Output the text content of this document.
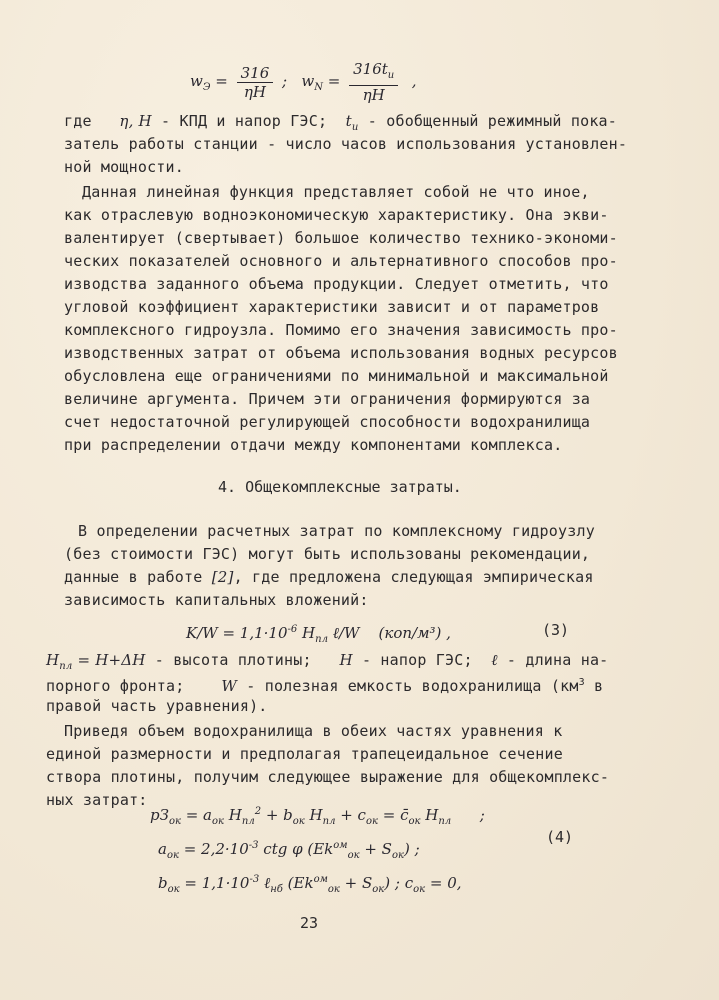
$w_Э = \frac{316}{\eta H}$ ; $w_N = \frac{316t_u}{\eta H}$ ,
где η, H - КПД и напор ГЭС; $t_u$ - обобщенный режимный пока-
затель работы станции - число часов использования установлен-
ной мощности.
Данная линейная функция представляет собой не что иное,
как отраслевую водноэкономическую характеристику. Она экви-
валентирует (свертывает) большое количество технико-экономи-
ческих показателей основного и альтернативного способов про-
изводства заданного объема продукции. Следует отметить, что
угловой коэффициент характеристики зависит и от параметров
комплексного гидроузла. Помимо его значения зависимость про-
изводственных затрат от объема использования водных ресурсов
обусловлена еще ограничениями по минимальной и максимальной
величине аргумента. Причем эти ограничения формируются за
счет недостаточной регулирующей способности водохранилища
при распределении отдачи между компонентами комплекса.
4. Общекомплексные затраты.
В определении расчетных затрат по комплексному гидроузлу
(без стоимости ГЭС) могут быть использованы рекомендации,
данные в работе [2], где предложена следующая эмпирическая
зависимость капитальных вложений:
$K/W = 1,1\cdot 10^{-6}$ $H_{пл}$ ℓ/W (коп/м³) ,	(3)
$H_{пл} = H+\Delta H$ - высота плотины; H - напор ГЭС; ℓ - длина на-
порного фронта; W - полезная емкость водохранилища ($км^3$ в
правой часть уравнения).
Приведя объем водохранилища в обеих частях уравнения к
единой размерности и предполагая трапецеидальное сечение
створа плотины, получим следующее выражение для общекомплекс-
ных затрат:
$pЗ_{ок} = a_{ок}$ $H_{пл}^2 + b_{ок}$ $H_{пл} + c_{ок}$ = $c̄_{ок}$ $H_{пл}$      ;
$a_{ок} = 2,2\cdot 10^{-3}$ ctg φ $(Ek^{ом}_{ок} + S_{ок})$ ;
(4)
$b_{ок} = 1,1\cdot 10^{-3}$ ℓ$_{нб}$ $(Ek^{ом}_{ок} + S_{ок})$ ; $c_{ок} = 0$,
23
